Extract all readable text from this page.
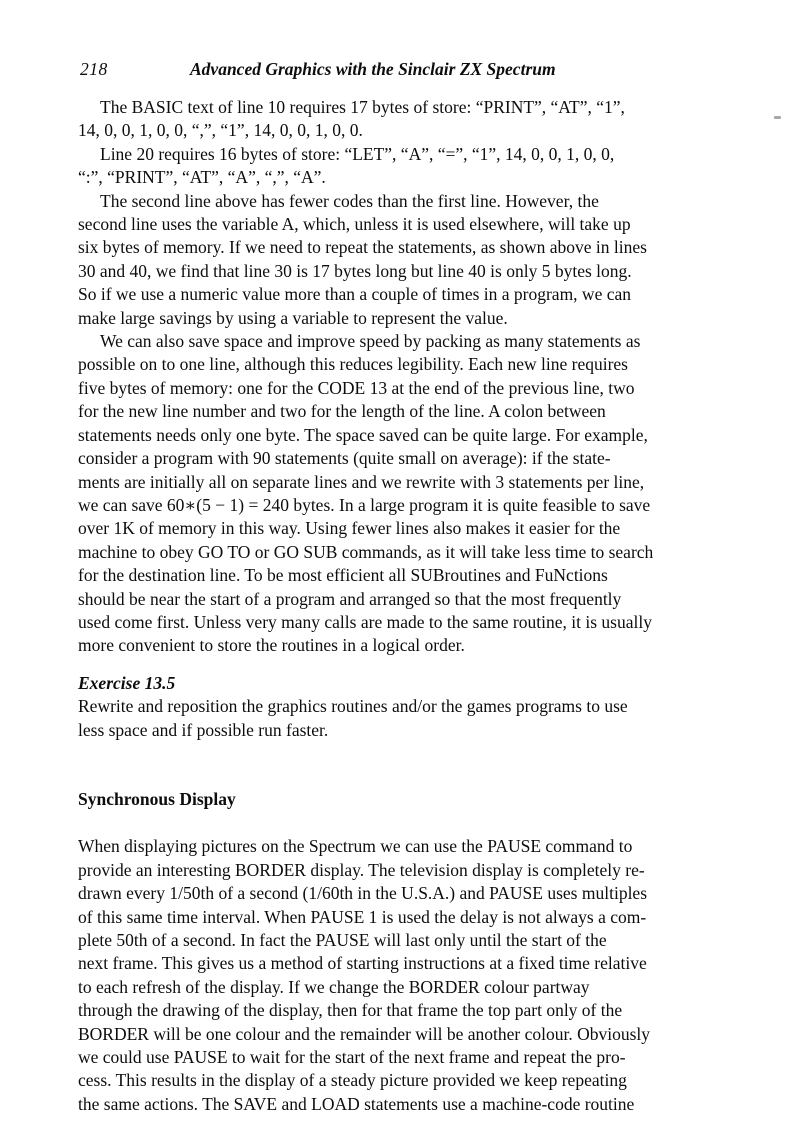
218	Advanced Graphics with the Sinclair ZX Spectrum
The BASIC text of line 10 requires 17 bytes of store: “PRINT”, “AT”, “1”,
14, 0, 0, 1, 0, 0, “,”, “1”, 14, 0, 0, 1, 0, 0.
Line 20 requires 16 bytes of store: “LET”, “A”, “=”, “1”, 14, 0, 0, 1, 0, 0,
“:”, “PRINT”, “AT”, “A”, “,”, “A”.
The second line above has fewer codes than the first line. However, the
second line uses the variable A, which, unless it is used elsewhere, will take up
six bytes of memory. If we need to repeat the statements, as shown above in lines
30 and 40, we find that line 30 is 17 bytes long but line 40 is only 5 bytes long.
So if we use a numeric value more than a couple of times in a program, we can
make large savings by using a variable to represent the value.
We can also save space and improve speed by packing as many statements as
possible on to one line, although this reduces legibility. Each new line requires
five bytes of memory: one for the CODE 13 at the end of the previous line, two
for the new line number and two for the length of the line. A colon between
statements needs only one byte. The space saved can be quite large. For example,
consider a program with 90 statements (quite small on average): if the state-
ments are initially all on separate lines and we rewrite with 3 statements per line,
we can save 60∗(5 − 1) = 240 bytes. In a large program it is quite feasible to save
over 1K of memory in this way. Using fewer lines also makes it easier for the
machine to obey GO TO or GO SUB commands, as it will take less time to search
for the destination line. To be most efficient all SUBroutines and FuNctions
should be near the start of a program and arranged so that the most frequently
used come first. Unless very many calls are made to the same routine, it is usually
more convenient to store the routines in a logical order.
Exercise 13.5
Rewrite and reposition the graphics routines and/or the games programs to use
less space and if possible run faster.
Synchronous Display
When displaying pictures on the Spectrum we can use the PAUSE command to
provide an interesting BORDER display. The television display is completely re-
drawn every 1/50th of a second (1/60th in the U.S.A.) and PAUSE uses multiples
of this same time interval. When PAUSE 1 is used the delay is not always a com-
plete 50th of a second. In fact the PAUSE will last only until the start of the
next frame. This gives us a method of starting instructions at a fixed time relative
to each refresh of the display. If we change the BORDER colour partway
through the drawing of the display, then for that frame the top part only of the
BORDER will be one colour and the remainder will be another colour. Obviously
we could use PAUSE to wait for the start of the next frame and repeat the pro-
cess. This results in the display of a steady picture provided we keep repeating
the same actions. The SAVE and LOAD statements use a machine-code routine
